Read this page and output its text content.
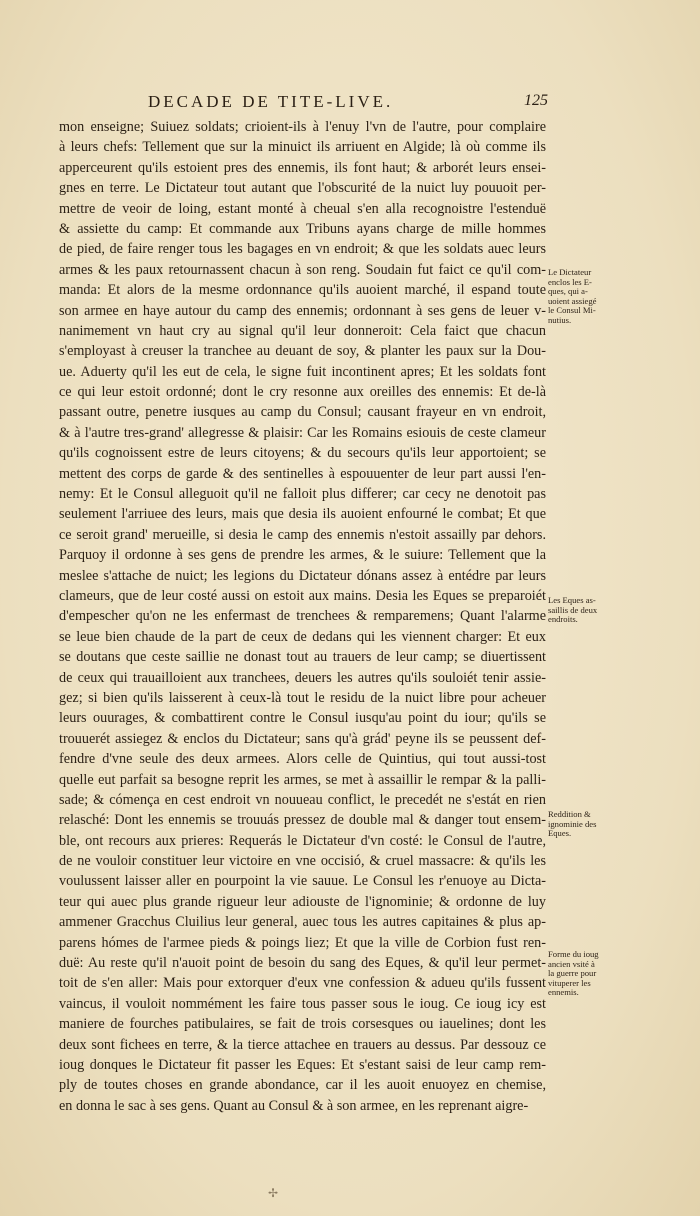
DECADE DE TITE-LIVE.	125
mon enseigne; Suiuez soldats; crioient-ils à l'enuy l'vn de l'autre, pour complaire
à leurs chefs: Tellement que sur la minuict ils arriuent en Algide; là où comme ils
apperceurent qu'ils estoient pres des ennemis, ils font haut; & arborét leurs ensei-
gnes en terre. Le Dictateur tout autant que l'obscurité de la nuict luy pouuoit per-
mettre de veoir de loing, estant monté à cheual s'en alla recognoistre l'estenduë
& assiette du camp: Et commande aux Tribuns ayans charge de mille hommes
de pied, de faire renger tous les bagages en vn endroit; & que les soldats auec leurs
armes & les paux retournassent chacun à son reng. Soudain fut faict ce qu'il com-
manda: Et alors de la mesme ordonnance qu'ils auoient marché, il espand toute
son armee en haye autour du camp des ennemis; ordonnant à ses gens de leuer v-
nanimement vn haut cry au signal qu'il leur donneroit: Cela faict que chacun
s'employast à creuser la tranchee au deuant de soy, & planter les paux sur la Dou-
ue. Aduerty qu'il les eut de cela, le signe fuit incontinent apres; Et les soldats font
ce qui leur estoit ordonné; dont le cry resonne aux oreilles des ennemis: Et de-là
passant outre, penetre iusques au camp du Consul; causant frayeur en vn endroit,
& à l'autre tres-grand' allegresse & plaisir: Car les Romains esiouis de ceste clameur
qu'ils cognoissent estre de leurs citoyens; & du secours qu'ils leur apportoient; se
mettent des corps de garde & des sentinelles à espouuenter de leur part aussi l'en-
nemy: Et le Consul alleguoit qu'il ne falloit plus differer; car cecy ne denotoit pas
seulement l'arriuee des leurs, mais que desia ils auoient enfourné le combat; Et que
ce seroit grand' merueille, si desia le camp des ennemis n'estoit assailly par dehors.
Parquoy il ordonne à ses gens de prendre les armes, & le suiure: Tellement que la
meslee s'attache de nuict; les legions du Dictateur dónans assez à entédre par leurs
clameurs, que de leur costé aussi on estoit aux mains. Desia les Eques se preparoiét
d'empescher qu'on ne les enfermast de trenchees & remparemens; Quant l'alarme
se leue bien chaude de la part de ceux de dedans qui les viennent charger: Et eux
se doutans que ceste saillie ne donast tout au trauers de leur camp; se diuertissent
de ceux qui trauailloient aux tranchees, deuers les autres qu'ils souloiét tenir assie-
gez; si bien qu'ils laisserent à ceux-là tout le residu de la nuict libre pour acheuer
leurs ouurages, & combattirent contre le Consul iusqu'au point du iour; qu'ils se
trouuerét assiegez & enclos du Dictateur; sans qu'à grád' peyne ils se peussent def-
fendre d'vne seule des deux armees. Alors celle de Quintius, qui tout aussi-tost
quelle eut parfait sa besogne reprit les armes, se met à assaillir le rempar & la palli-
sade; & cómença en cest endroit vn nouueau conflict, le precedét ne s'estát en rien
relasché: Dont les ennemis se trouuás pressez de double mal & danger tout ensem-
ble, ont recours aux prieres: Requerás le Dictateur d'vn costé: le Consul de l'autre,
de ne vouloir constituer leur victoire en vne occisió, & cruel massacre: & qu'ils les
voulussent laisser aller en pourpoint la vie sauue. Le Consul les r'enuoye au Dicta-
teur qui auec plus grande rigueur leur adiouste de l'ignominie; & ordonne de luy
ammener Gracchus Cluilius leur general, auec tous les autres capitaines & plus ap-
parens hómes de l'armee pieds & poings liez; Et que la ville de Corbion fust ren-
duë: Au reste qu'il n'auoit point de besoin du sang des Eques, & qu'il leur permet-
toit de s'en aller: Mais pour extorquer d'eux vne confession & adueu qu'ils fussent
vaincus, il vouloit nommément les faire tous passer sous le ioug. Ce ioug icy est
maniere de fourches patibulaires, se fait de trois corsesques ou iauelines; dont les
deux sont fichees en terre, & la tierce attachee en trauers au dessus. Par dessouz ce
ioug donques le Dictateur fit passer les Eques: Et s'estant saisi de leur camp rem-
ply de toutes choses en grande abondance, car il les auoit enuoyez en chemise,
en donna le sac à ses gens. Quant au Consul & à son armee, en les reprenant aigre-
Le Dictateur
enclos les E-
ques, qui a-
uoient assiegé
le Consul Mi-
nutius.
Les Eques as-
saillis de deux
endroits.
Reddition &
ignominie des
Eques.
Forme du ioug
ancien vsité à
la guerre pour
vituperer les
ennemis.
✢
